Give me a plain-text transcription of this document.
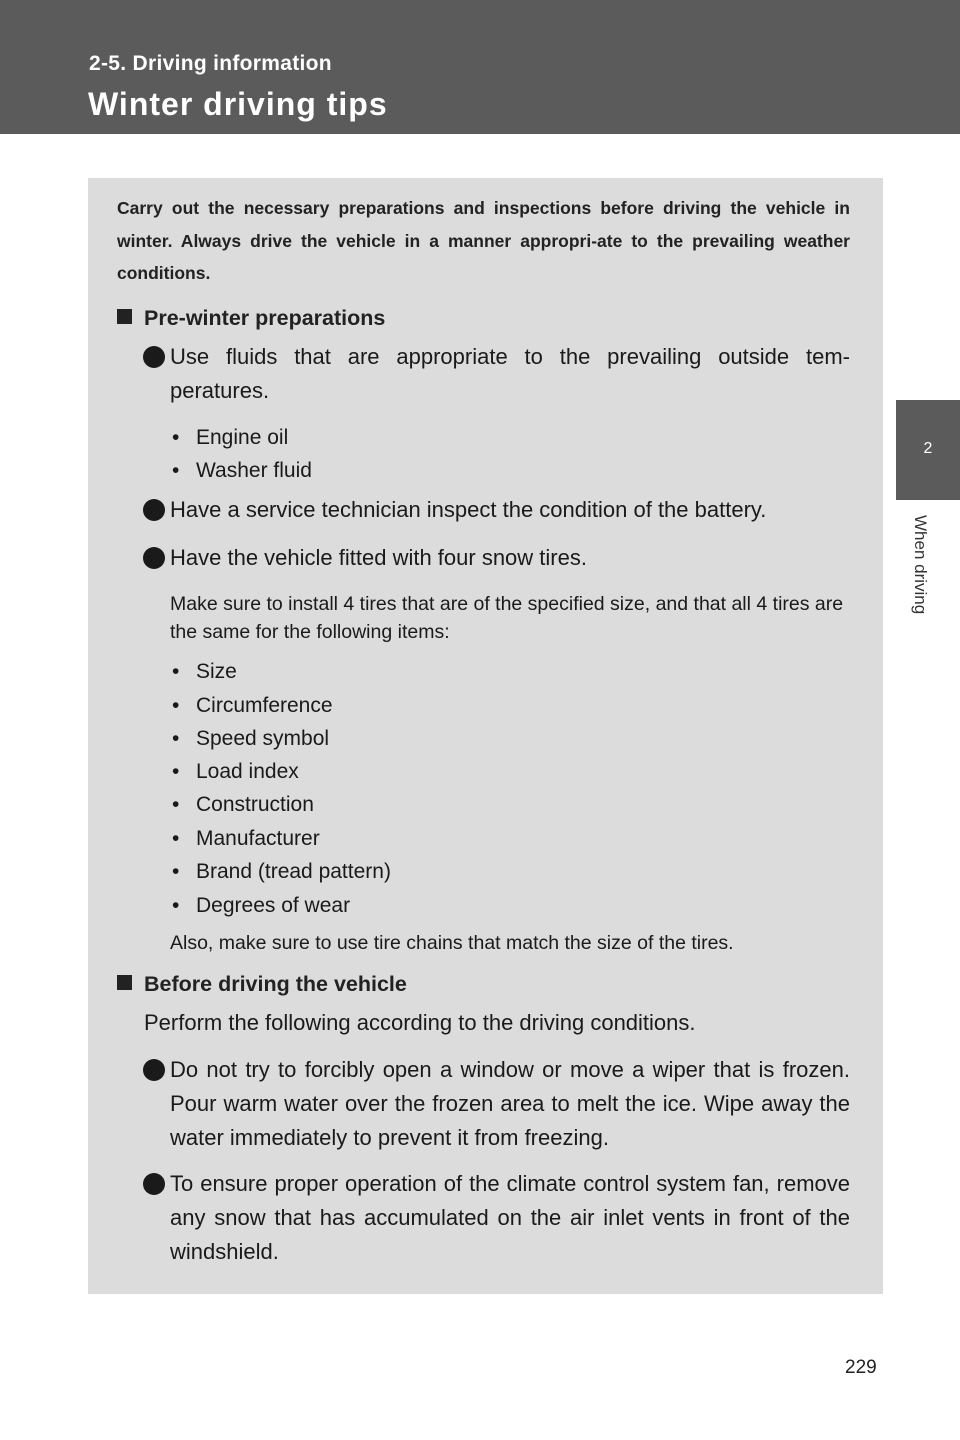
2-5. Driving information
Winter driving tips
2
When driving
Carry out the necessary preparations and inspections before driving the vehicle in winter. Always drive the vehicle in a manner appropri-ate to the prevailing weather conditions.
Pre-winter preparations
Use fluids that are appropriate to the prevailing outside tem-peratures.
• Engine oil
• Washer fluid
Have a service technician inspect the condition of the battery.
Have the vehicle fitted with four snow tires.
Make sure to install 4 tires that are of the specified size, and that all 4 tires are the same for the following items:
• Size
• Circumference
• Speed symbol
• Load index
• Construction
• Manufacturer
• Brand (tread pattern)
• Degrees of wear
Also, make sure to use tire chains that match the size of the tires.
Before driving the vehicle
Perform the following according to the driving conditions.
Do not try to forcibly open a window or move a wiper that is frozen. Pour warm water over the frozen area to melt the ice. Wipe away the water immediately to prevent it from freezing.
To ensure proper operation of the climate control system fan, remove any snow that has accumulated on the air inlet vents in front of the windshield.
229
